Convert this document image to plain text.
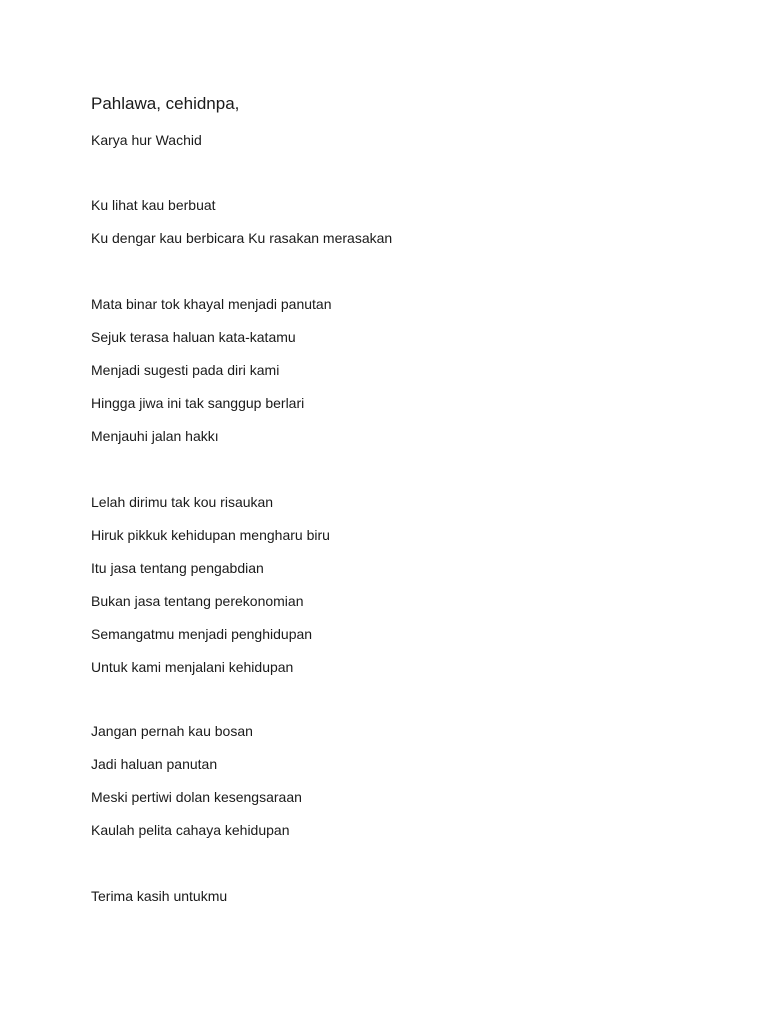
Pahlawa, cehidnpa,

Karya hur Wachid

Ku lihat kau berbuat
Ku dengar kau berbicara Ku rasakan merasakan
Mata binar tok khayal menjadi panutan
Sejuk terasa haluan kata-katamu
Menjadi sugesti pada diri kami
Hingga jiwa ini tak sanggup berlari
Menjauhi jalan hakkı
Lelah dirimu tak kou risaukan
Hiruk pikkuk kehidupan mengharu biru
Itu jasa tentang pengabdian
Bukan jasa tentang perekonomian
Semangatmu menjadi penghidupan
Untuk kami menjalani kehidupan
Jangan pernah kau bosan
Jadi haluan panutan
Meski pertiwi dolan kesengsaraan
Kaulah pelita cahaya kehidupan
Terima kasih untukmu
